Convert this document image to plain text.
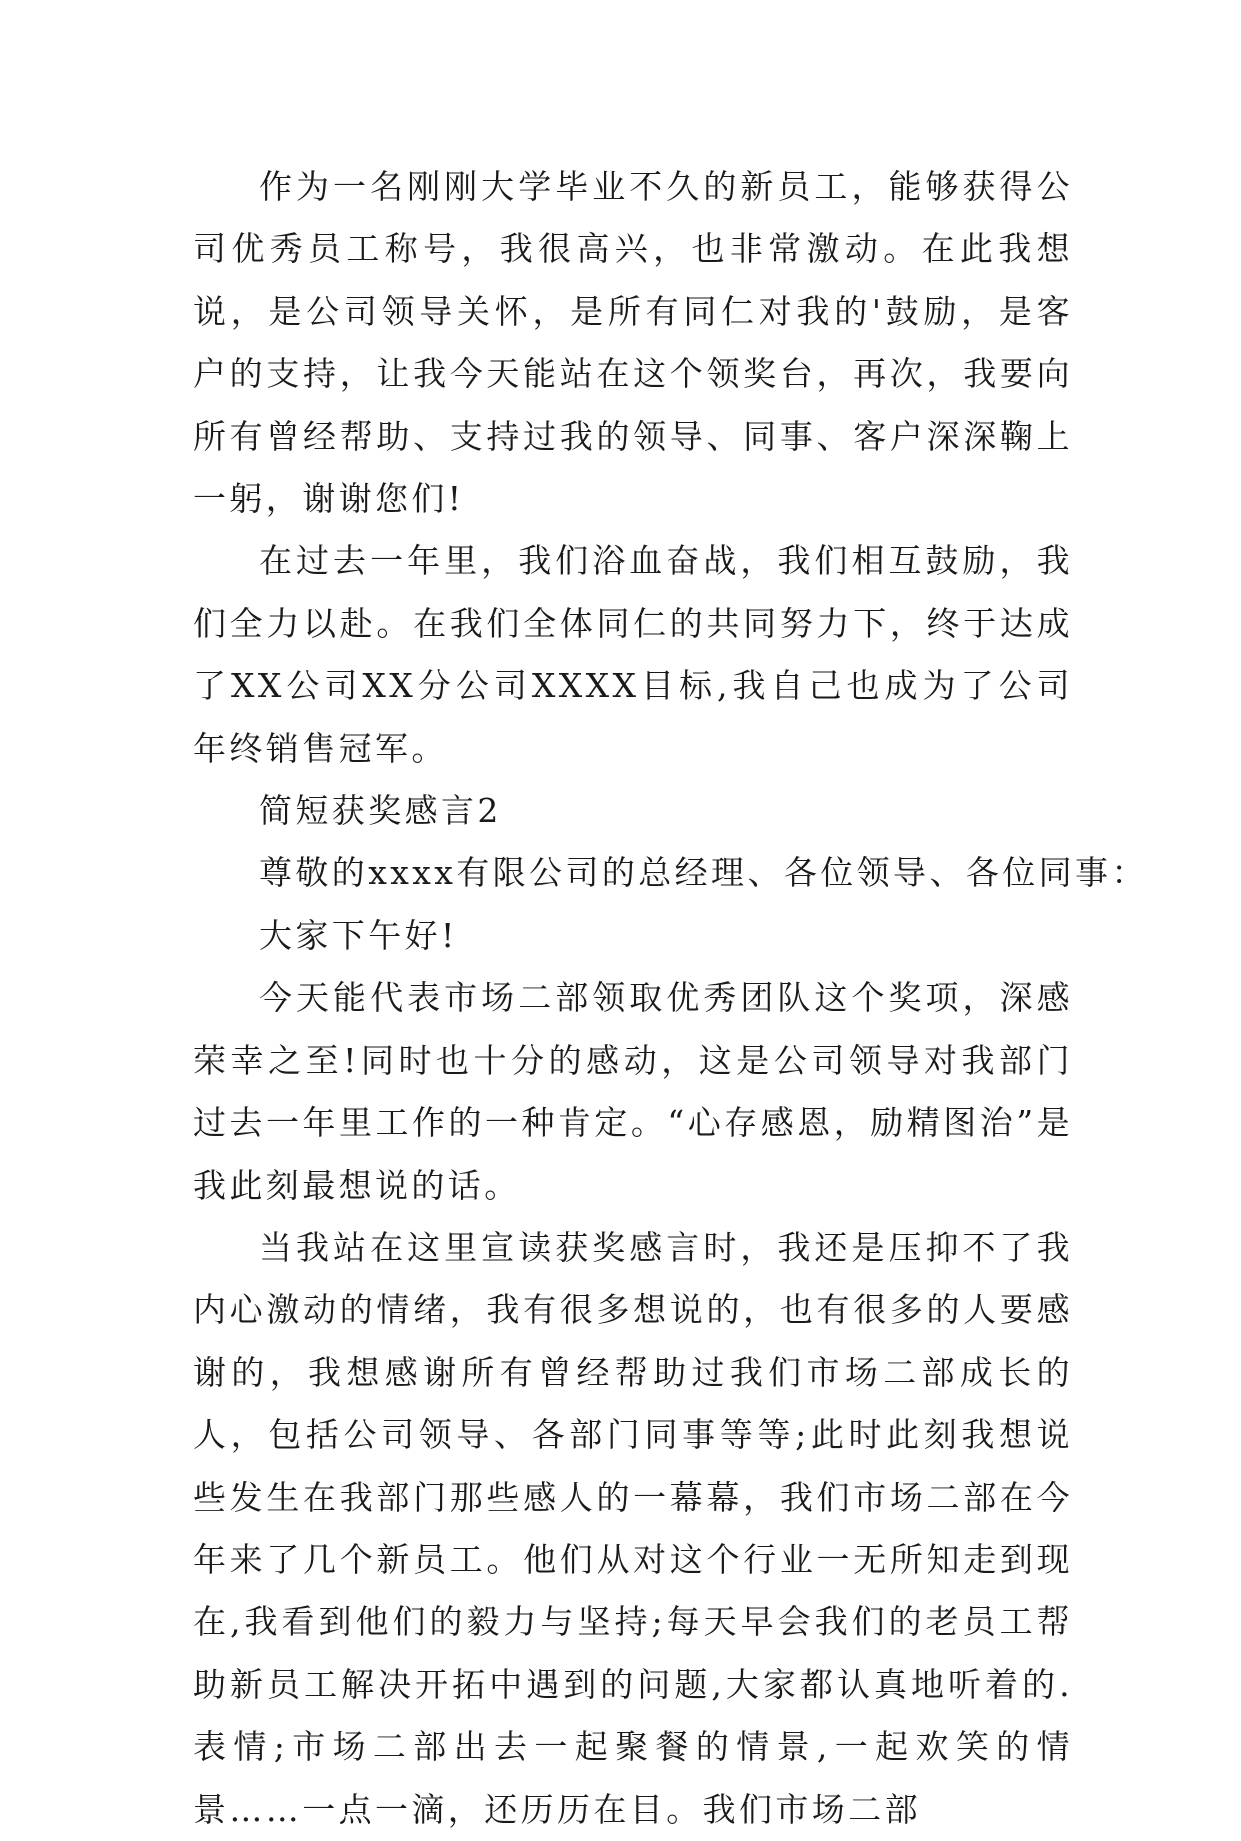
作为一名刚刚大学毕业不久的新员工，能够获得公司优秀员工称号，我很高兴，也非常激动。在此我想说，是公司领导关怀，是所有同仁对我的'鼓励，是客户的支持，让我今天能站在这个领奖台，再次，我要向所有曾经帮助、支持过我的领导、同事、客户深深鞠上一躬，谢谢您们!

在过去一年里，我们浴血奋战，我们相互鼓励，我们全力以赴。在我们全体同仁的共同努力下，终于达成了XX公司XX分公司XXXX目标,我自己也成为了公司年终销售冠军。

简短获奖感言2

尊敬的xxxx有限公司的总经理、各位领导、各位同事：

大家下午好!

今天能代表市场二部领取优秀团队这个奖项，深感荣幸之至!同时也十分的感动，这是公司领导对我部门过去一年里工作的一种肯定。“心存感恩，励精图治”是我此刻最想说的话。

当我站在这里宣读获奖感言时，我还是压抑不了我内心激动的情绪，我有很多想说的，也有很多的人要感谢的，我想感谢所有曾经帮助过我们市场二部成长的人，包括公司领导、各部门同事等等;此时此刻我想说些发生在我部门那些感人的一幕幕，我们市场二部在今年来了几个新员工。他们从对这个行业一无所知走到现在,我看到他们的毅力与坚持;每天早会我们的老员工帮助新员工解决开拓中遇到的问题,大家都认真地听着的.表情;市场二部出去一起聚餐的情景,一起欢笑的情景……一点一滴，还历历在目。我们市场二部
